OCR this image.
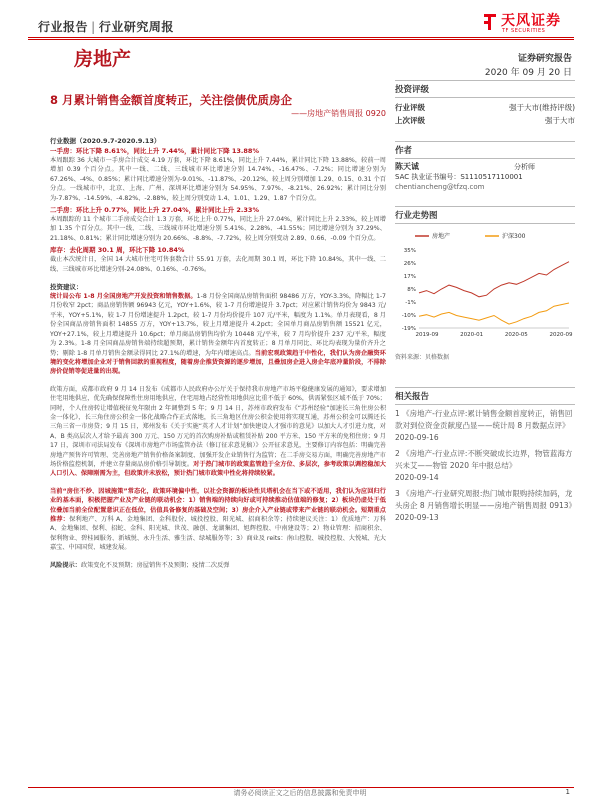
行业报告 | 行业研究周报	天风证券
TF SECURITIES
房地产	证券研究报告
2020 年 09 月 20 日
8 月累计销售金额首度转正，关注偿债优质房企
——房地产销售周报 0920
行业数据（2020.9.7-2020.9.13）
一手房：环比下降 8.61%，同比上升 7.44%，累计同比下降 13.88%
本周跟踪 36 大城市一手房合计成交 4.19 万套，环比下降 8.61%，同比上升 7.44%，累计同比下降 13.88%，较前一周增加 0.39 个百分点。其中一线、二线、三线城市环比增速分别 14.74%、-16.47%、-7.2%；同比增速分别为 67.26%、-4%、0.85%；累计同比增速分别为-9.01%、-11.87%、-20.12%，较上周分别增加 1.29、0.15、0.31 个百分点。一线城市中，北京、上海、广州、深圳环比增速分别为 54.95%、7.97%、-8.21%、26.92%；累计同比分别为-7.87%、-14.59%、-4.82%、-2.88%，较上周分别变动 1.4、1.01、1.29、1.87 个百分点。
二手房：环比上升 0.77%，同比上升 27.04%，累计同比上升 2.33%
本周跟踪的 11 个城市二手房成交合计 1.3 万套，环比上升 0.77%，同比上升 27.04%，累计同比上升 2.33%，较上周增加 1.35 个百分点。其中一线、二线、三线城市环比增速分别 5.41%、2.28%、-41.55%；同比增速分别为 37.29%、21.18%、0.81%；累计同比增速分别为 20.66%、-8.8%、-7.72%，较上周分别变动 2.89、0.66、-0.09 个百分点。
库存：去化周期 30.1 周，环比下降 10.84%
截止本次统计日，全国 14 大城市住宅可售套数合计 55.91 万套，去化周期 30.1 周，环比下降 10.84%，其中一线、二线、三线城市环比增速分别-24.08%、0.16%、-0.76%。
投资建议：
统计局公布 1-8 月全国房地产开发投资和销售数据。1-8 月份全国商品房销售面积 98486 万方，YOY-3.3%，降幅比 1-7 月份收窄 2pct；商品房销售额 96943 亿元，YOY+1.6%，较 1-7 月份增速提升 3.7pct；对应累计销售均价为 9843 元/平米，YOY+5.1%，较 1-7 月份增速提升 1.2pct，较 1-7 月份均价提升 107 元/平米，幅度为 1.1%。单月表现看，8 月份全国商品房销售面积 14855 万方，YOY+13.7%，较上月增速提升 4.2pct；全国单月商品房销售额 15521 亿元，YOY+27.1%，较上月增速提升 10.6pct；单月商品房销售均价为 10448 元/平米，较 7 月均价提升 237 元/平米，幅度为 2.3%。1-8 月全国商品房销售端持续超预期，累计销售金额年内首度转正；8 月单月同比、环比均表现为量价齐升之势；剔除 1-8 月单月销售金额录得同比 27.1%的增速，为年内增速高点。当前宏观政策趋于中性化，我们认为房企融资环境的变化将增加企业对于销售回款的重视程度，随着房企推货资源的逐步增加，且叠加房企进入房企年底冲量阶段，不排除房价促销等促进量的出现。
政策方面，成都市政府 9 月 14 日发布《成都市人民政府办公厅关于保持我市房地产市场平稳健康发展的通知》，要求增加住宅用地供应，优先确保保障性住房用地供应，住宅用地占经营性用地供应比重不低于 60%，供需紧张区域不低于 70%；同时，个人住房转让增值税征免年限由 2 年调整到 5 年；9 月 14 日，苏州市政府发布《“苏州经验”加速长三角住房公积金一体化》，长三角住房公积金一体化战略合作正式落地，长三角地区住房公积金使用将实现互通，苏州公积金可以腾还长三角三省一市房贷；9 月 15 日，郑州发布《关于实施“英才人才计划”加快建设人才强市的意见》以加大人才引进力度，对 A、B 类高层次人才给予最高 300 万元、150 万元的首次购房补贴或租赁补贴 200 平方米、150 平方米的免租住房；9 月 17 日，深圳市司法局发布《深圳市房地产市场监管办法（修订征求意见稿）》公开征求意见，主要修订内容包括：明确完善房地产预售许可管理、完善房地产销售价格备案制度、加强开发企业销售行为监管；在二手房交易方面，明确完善房地产市场价格监控机制，并建立存量商品房价格引导制度。对于热门城市的政策监管趋于全方位、多层次，参考政策以调控稳加大人口引入、保障刚需为主，但政策并未放松，预计热门城市政策中性化将持续较紧。
当前“房住不炒、因城施策”常态化，政策环境偏中性，以社会资源的板块性贝塔机会在当下或不适用，我们认为应回归行业的基本面，积极把握产业及产业链的联动机会：1）销售端的持续向好或可持续推动估值端的修复；2）板块仍虚处于低位叠加当前全位配置意识正在低位，估值具备修复的基础及空间；3）房企介入产业链或带来产业链的联动机会。短期重点推荐：保利地产、万科 A、金地集团、金科股份、城投控股、阳光城、招商积余等；持续建议关注：1）优质地产：万科 A、金地集团、保利、招蛇、金科、阳光城、世茂、融创、龙湖集团、旭辉控股、中南建设等；2）物业管理：招商积余、保利物业、碧桂园服务、新城悦、永升生活、雅生活、绿城服务等；3）商业及 reits：南山控股、城投控股、大悦城、光大嘉宝、中国国贸、城建发展。
风险提示：政策变化不及预期；房屋销售不及预期；疫情二次反弹
投资评级
行业评级	强于大市(维持评级)
上次评级	强于大市
作者
陈天诚	分析师
SAC 执业证书编号：S1110517110001
chentiancheng@tfzq.com
行业走势图
房地产	沪深300
35%
26%
17%
8%
-1%
-10%
-19%
2019-09	2020-01	2020-05	2020-09
资料来源：贝格数据
相关报告
1 《房地产-行业点评:累计销售金额首度转正，销售回款对到位资金贡献度凸显——统计局 8 月数据点评》
2020-09-16
2 《房地产-行业点评:不断突破成长边界，物管蓝海方兴未艾——物管 2020 年中报总结》
2020-09-14
3 《房地产-行业研究周报:热门城市限购持续加码，龙头房企 8 月销售增长明显——房地产销售周报 0913》
2020-09-13
请务必阅读正文之后的信息披露和免责申明	1
